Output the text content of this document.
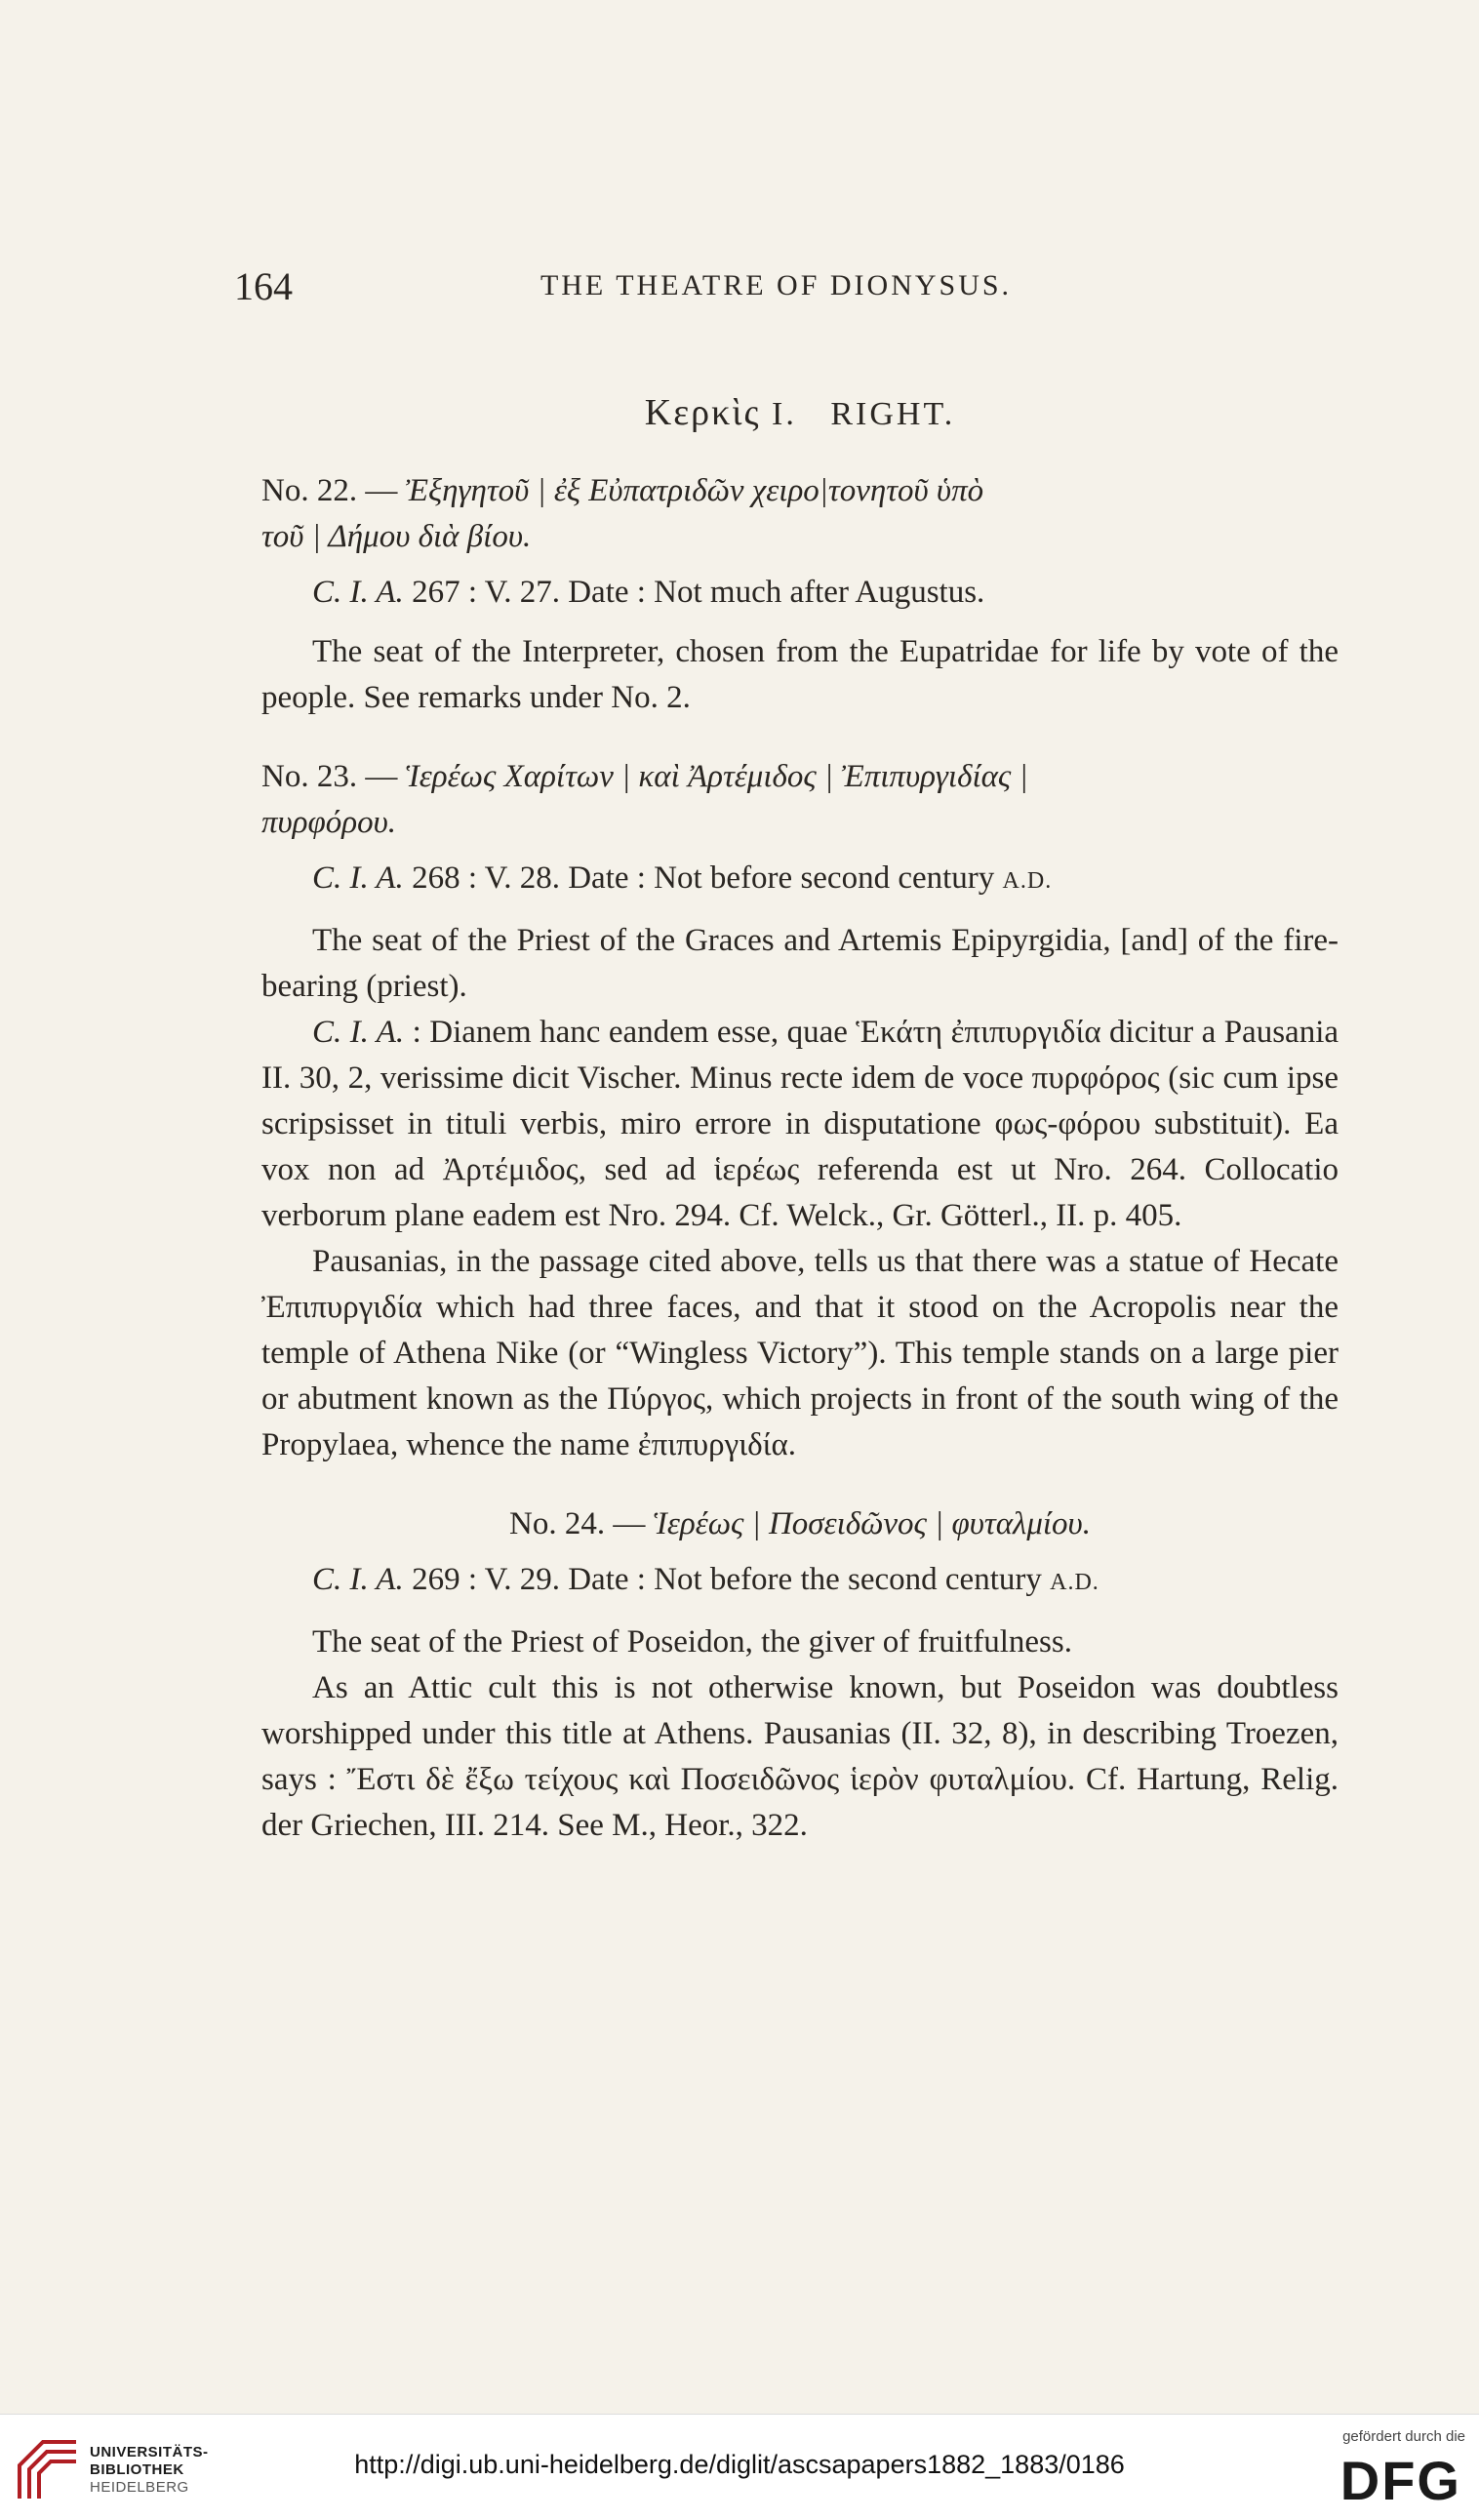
164	THE THEATRE OF DIONYSUS.
Κερκὶς I. RIGHT.

No. 22. — Ἐξηγητοῦ | ἐξ Εὐπατριδῶν χειρο|τονητοῦ ὑπὸ
τοῦ | Δήμου διὰ βίου.

C. I. A. 267 : V. 27. Date : Not much after Augustus.

The seat of the Interpreter, chosen from the Eupatridae for life by vote of the people. See remarks under No. 2.

No. 23. — Ἱερέως Χαρίτων | καὶ Ἀρτέμιδος | Ἐπιπυργιδίας |
πυρφόρου.

C. I. A. 268 : V. 28. Date : Not before second century A.D.

The seat of the Priest of the Graces and Artemis Epipyrgidia, [and] of the fire-bearing (priest).

C. I. A. : Dianem hanc eandem esse, quae Ἑκάτη ἐπιπυργιδία dicitur a Pausania II. 30, 2, verissime dicit Vischer. Minus recte idem de voce πυρφόρος (sic cum ipse scripsisset in tituli verbis, miro errore in disputatione φως-φόρου substituit). Ea vox non ad Ἀρτέμιδος, sed ad ἱερέως referenda est ut Nro. 264. Collocatio verborum plane eadem est Nro. 294. Cf. Welck., Gr. Götterl., II. p. 405.

Pausanias, in the passage cited above, tells us that there was a statue of Hecate Ἐπιπυργιδία which had three faces, and that it stood on the Acropolis near the temple of Athena Nike (or “Wingless Victory”). This temple stands on a large pier or abutment known as the Πύργος, which projects in front of the south wing of the Propylaea, whence the name ἐπιπυργιδία.

No. 24. — Ἱερέως | Ποσειδῶνος | φυταλμίου.

C. I. A. 269 : V. 29. Date : Not before the second century A.D.

The seat of the Priest of Poseidon, the giver of fruitfulness.

As an Attic cult this is not otherwise known, but Poseidon was doubtless worshipped under this title at Athens. Pausanias (II. 32, 8), in describing Troezen, says : Ἔστι δὲ ἔξω τείχους καὶ Ποσειδῶνος ἱερὸν φυταλμίου. Cf. Hartung, Relig. der Griechen, III. 214. See M., Heor., 322.

UNIVERSITÄTS-
BIBLIOTHEK
HEIDELBERG
http://digi.ub.uni-heidelberg.de/diglit/ascsapapers1882_1883/0186
gefördert durch die
DFG
